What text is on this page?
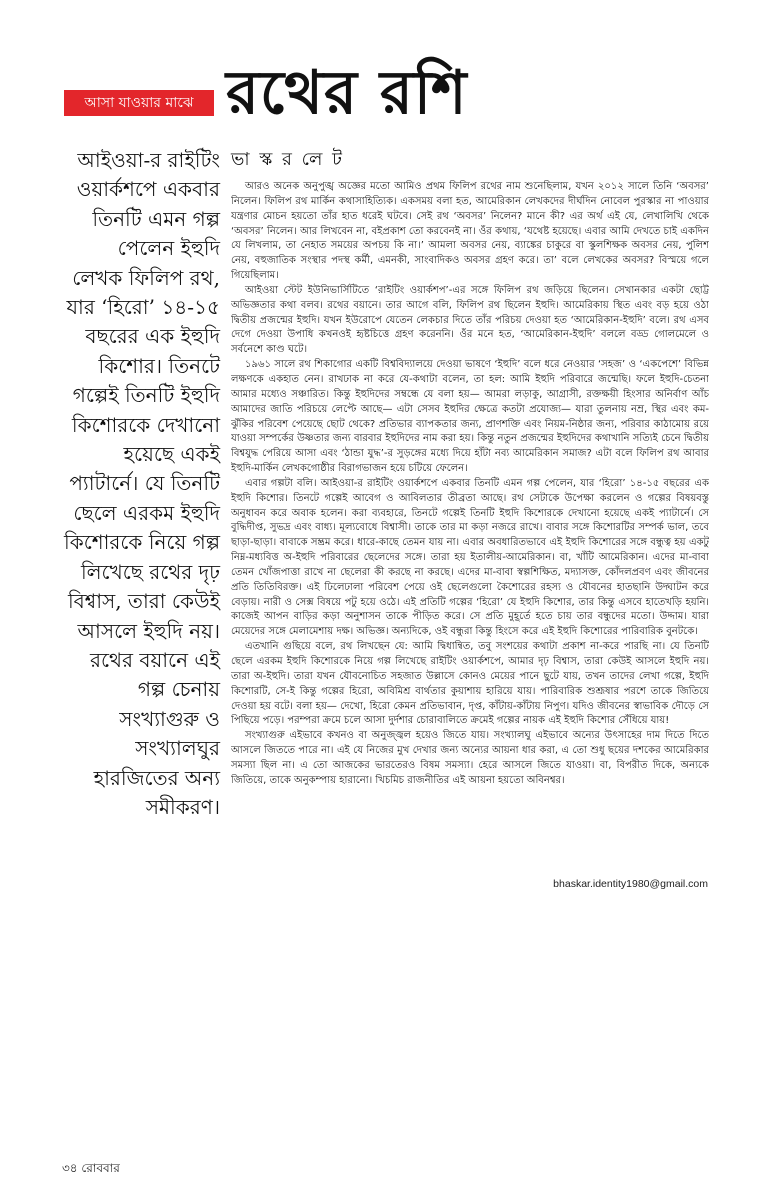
আসা যাওয়ার মাঝে রথের রশি
আইওয়া-র রাইটিং ওয়ার্কশপে একবার তিনটি এমন গল্প পেলেন ইহুদি লেখক ফিলিপ রথ, যার ‘হিরো’ ১৪-১৫ বছরের এক ইহুদি কিশোর। তিনটে গল্পেই তিনটি ইহুদি কিশোরকে দেখানো হয়েছে একই প্যাটার্নে। যে তিনটি ছেলে এরকম ইহুদি কিশোরকে নিয়ে গল্প লিখেছে রথের দৃঢ় বিশ্বাস, তারা কেউই আসলে ইহুদি নয়। রথের বয়ানে এই গল্প চেনায় সংখ্যাগুরু ও সংখ্যালঘুর হারজিতের অন্য সমীকরণ।
ভা স্ক র লে ট

আরও অনেক অনুপুঙ্খ অজ্ঞের মতো আমিও প্রথম ফিলিপ রথের নাম শুনেছিলাম, যখন ২০১২ সালে তিনি ‘অবসর’ নিলেন। ফিলিপ রথ মার্কিন কথাসাহিত্যিক। একসময় বলা হত, আমেরিকান লেখকদের দীর্ঘদিন নোবেল পুরস্কার না পাওয়ার যন্ত্রণার মোচন হয়তো তাঁর হাত ধরেই ঘটবে। সেই রথ ‘অবসর’ নিলেন? মানে কী? এর অর্থ এই যে, লেখালিখি থেকে ‘অবসর’ নিলেন। আর লিখবেন না, বইপ্রকাশ তো করবেনই না। ওঁর কথায়, ‘যথেষ্ট হয়েছে। এবার আমি দেখতে চাই একদিন যে লিখলাম, তা নেহাত সময়ের অপচয় কি না।’ আমলা অবসর নেয়, ব্যাঙ্কের চাকুরে বা স্কুলশিক্ষক অবসর নেয়, পুলিশ নেয়, বহুজাতিক সংস্থার পদস্থ কর্মী, এমনকী, সাংবাদিকও অবসর গ্রহণ করে। তা’ বলে লেখকের অবসর? বিস্ময়ে গলে গিয়েছিলাম।

আইওয়া স্টেট ইউনিভার্সিটিতে ‘রাইটিং ওয়ার্কশপ’-এর সঙ্গে ফিলিপ রথ জড়িয়ে ছিলেন। সেখানকার একটা ছোট্ট অভিজ্ঞতার কথা বলব। রথের বয়ানে। তার আগে বলি, ফিলিপ রথ ছিলেন ইহুদি। আমেরিকায় স্থিত এবং বড় হয়ে ওঠা দ্বিতীয় প্রজন্মের ইহুদি। যখন ইউরোপে যেতেন লেকচার দিতে তাঁর পরিচয় দেওয়া হত ‘আমেরিকান-ইহুদি’ বলে। রথ এসব দেগে দেওয়া উপাধি কখনওই হৃষ্টচিত্তে গ্রহণ করেননি। ওঁর মনে হত, ‘আমেরিকান-ইহুদি’ বললে বড্ড গোলমেলে ও সর্বনেশে কাণ্ড ঘটে।

১৯৬১ সালে রথ শিকাগোর একটি বিশ্ববিদ্যালয়ে দেওয়া ভাষণে ‘ইহুদি’ বলে ধরে নেওয়ার ‘সহজ’ ও ‘একপেশে’ বিভিন্ন লক্ষণকে একহাত নেন। রাখঢাক না করে যে-কথাটা বলেন, তা হল: আমি ইহুদি পরিবারে জন্মেছি। ফলে ইহুদি-চেতনা আমার মধ্যেও সঞ্চারিত। কিন্তু ইহুদিদের সম্বন্ধে যে বলা হয়— আমরা লড়াকু, আগ্রাসী, রক্তক্ষয়ী হিংসার অনির্বাণ আঁচ আমাদের জাতি পরিচয়ে লেপ্টে আছে— এটা সেসব ইহুদির ক্ষেত্রে কতটা প্রযোজ্য— যারা তুলনায় নম্র, স্থির এবং কম-ঝুঁকির পরিবেশ পেয়েছে ছোট থেকে? প্রতিভার ব্যাপকতার জন্য, প্রাণশক্তি এবং নিয়ম-নিষ্ঠার জন্য, পরিবার কাঠামোয় রয়ে যাওয়া সম্পর্কের উষ্ণতার জন্য বারবার ইহুদিদের নাম করা হয়। কিন্তু নতুন প্রজন্মের ইহুদিদের কথাখানি সত্যিই চেনে দ্বিতীয় বিশ্বযুদ্ধ পেরিয়ে আসা এবং ‘ঠান্ডা যুদ্ধ’-র সুড়ঙ্গের মধ্যে দিয়ে হাঁটা নব্য আমেরিকান সমাজ? এটা বলে ফিলিপ রথ আবার ইহুদি-মার্কিন লেখকগোষ্ঠীর বিরাগভাজন হয়ে চটিয়ে ফেলেন।

এবার গল্পটা বলি। আইওয়া-র রাইটিং ওয়ার্কশপে একবার তিনটি এমন গল্প পেলেন, যার ‘হিরো’ ১৪-১৫ বছরের এক ইহুদি কিশোর। তিনটে গল্পেই আবেগ ও আবিলতার তীব্রতা আছে। রথ সেটাকে উপেক্ষা করলেন ও গল্পের বিষয়বস্তু অনুধাবন করে অবাক হলেন। করা ব্যবহারে, তিনটে গল্পেই তিনটি ইহুদি কিশোরকে দেখানো হয়েছে একই প্যাটার্নে। সে বুদ্ধিদীপ্ত, সুভদ্র এবং বাধ্য। মূল্যবোধে বিশ্বাসী। তাকে তার মা কড়া নজরে রাখে। বাবার সঙ্গে কিশোরটির সম্পর্ক ভাল, তবে ছাড়া-ছাড়া। বাবাকে সম্ভ্রম করে। ধারে-কাছে তেমন যায় না। এবার অবধারিতভাবে এই ইহুদি কিশোরের সঙ্গে বন্ধুত্ব হয় একটু নিম্ন-মধ্যবিত্ত অ-ইহুদি পরিবারের ছেলেদের সঙ্গে। তারা হয় ইতালীয়-আমেরিকান। বা, খাঁটি আমেরিকান। এদের মা-বাবা তেমন খোঁজপাত্তা রাখে না ছেলেরা কী করছে না করছে। এদের মা-বাবা স্বল্পশিক্ষিত, মদ্যাসক্ত, কোঁদলপ্রবণ এবং জীবনের প্রতি তিতিবিরক্ত। এই ঢিলেঢালা পরিবেশ পেয়ে ওই ছেলেগুলো কৈশোরের রহস্য ও যৌবনের হাতছানি উদ্ঘাটন করে বেড়ায়। নারী ও সেক্স বিষয়ে পটু হয়ে ওঠে। এই প্রতিটি গল্পের ‘হিরো’ যে ইহুদি কিশোর, তার কিন্তু এসবে হাতেখড়ি হয়নি। কাজেই আপন বাড়ির কড়া অনুশাসন তাকে পীড়িত করে। সে প্রতি মুহূর্তে হতে চায় তার বন্ধুদের মতো। উদ্দাম। যারা মেয়েদের সঙ্গে মেলামেশায় দক্ষ। অভিজ্ঞ। অন্যদিকে, ওই বন্ধুরা কিন্তু হিংসে করে এই ইহুদি কিশোরের পারিবারিক বুনটকে।

এতখানি গুছিয়ে বলে, রথ লিখছেন যে: আমি দ্বিধান্বিত, তবু সংশয়ের কথাটা প্রকাশ না-করে পারছি না। যে তিনটি ছেলে এরকম ইহুদি কিশোরকে নিয়ে গল্প লিখেছে রাইটিং ওয়ার্কশপে, আমার দৃঢ় বিশ্বাস, তারা কেউই আসলে ইহুদি নয়। তারা অ-ইহুদি। তারা যখন যৌবনোচিত সহজাত উল্লাসে কোনও মেয়ের পানে ছুটে যায়, তখন তাদের লেখা গল্পে, ইহুদি কিশোরটি, সে-ই কিন্তু গল্পের হিরো, অবিমিশ্র বার্থতার কুয়াশায় হারিয়ে যায়। পারিবারিক শুশ্রূষার পরশে তাকে জিতিয়ে দেওয়া হয় বটে। বলা হয়— দেখো, হিরো কেমন প্রতিভাবান, দৃপ্ত, কাঁটায়-কাঁটায় নিপুণ। যদিও জীবনের স্বাভাবিক দৌড়ে সে পিছিয়ে পড়ে। পরম্পরা ক্রমে চলে আসা দুর্দশার চোরাবালিতে ক্রমেই গল্পের নায়ক এই ইহুদি কিশোর সেঁধিয়ে যায়!

সংখ্যাগুরু এইভাবে কখনও বা অনুজ্জ্বল হয়েও জিতে যায়। সংখ্যালঘু এইভাবে অন্যের উৎসাহের দাম দিতে দিতে আসলে জিততে পারে না। এই যে নিজের মুখ দেখার জন্য অন্যের আয়না ধার করা, এ তো শুধু ছয়ের দশকের আমেরিকার সমস্যা ছিল না। এ তো আজকের ভারতেরও বিষম সমস্যা। হেরে আসলে জিতে যাওয়া। বা, বিপরীত দিকে, অন্যকে জিতিয়ে, তাকে অনুকম্পায় হারানো। খিচমিচ রাজনীতির এই আয়না হয়তো অবিনশ্বর।

bhaskar.identity1980@gmail.com
৩৪ রোববার
